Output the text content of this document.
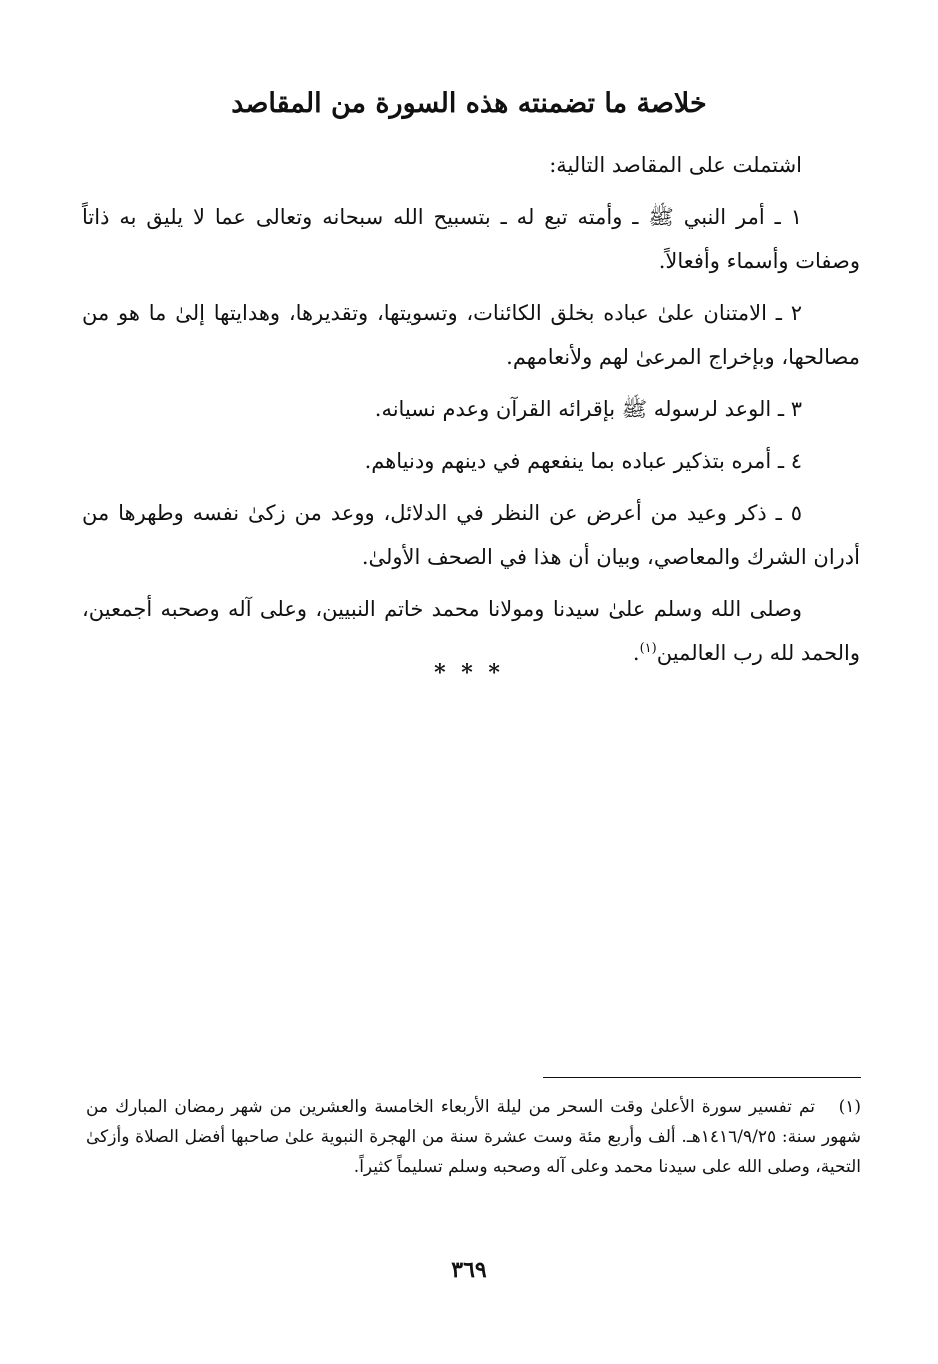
خلاصة ما تضمنته هذه السورة من المقاصد

اشتملت على المقاصد التالية:

١ ـ أمر النبي ﷺ ـ وأمته تبع له ـ بتسبيح الله سبحانه وتعالى عما لا يليق به ذاتاً وصفات وأسماء وأفعالاً.

٢ ـ الامتنان علىٰ عباده بخلق الكائنات، وتسويتها، وتقديرها، وهدايتها إلىٰ ما هو من مصالحها، وبإخراج المرعىٰ لهم ولأنعامهم.

٣ ـ الوعد لرسوله ﷺ بإقرائه القرآن وعدم نسيانه.

٤ ـ أمره بتذكير عباده بما ينفعهم في دينهم ودنياهم.

٥ ـ ذكر وعيد من أعرض عن النظر في الدلائل، ووعد من زكىٰ نفسه وطهرها من أدران الشرك والمعاصي، وبيان أن هذا في الصحف الأولىٰ.

وصلى الله وسلم علىٰ سيدنا ومولانا محمد خاتم النبيين، وعلى آله وصحبه أجمعين، والحمد لله رب العالمين$^{(١)}$.

* * *
(١)تم تفسير سورة الأعلىٰ وقت السحر من ليلة الأربعاء الخامسة والعشرين من شهر رمضان المبارك من شهور سنة: ١٤١٦/٩/٢٥هـ. ألف وأربع مئة وست عشرة سنة من الهجرة النبوية علىٰ صاحبها أفضل الصلاة وأزكىٰ التحية، وصلى الله على سيدنا محمد وعلى آله وصحبه وسلم تسليماً كثيراً.
٣٦٩
